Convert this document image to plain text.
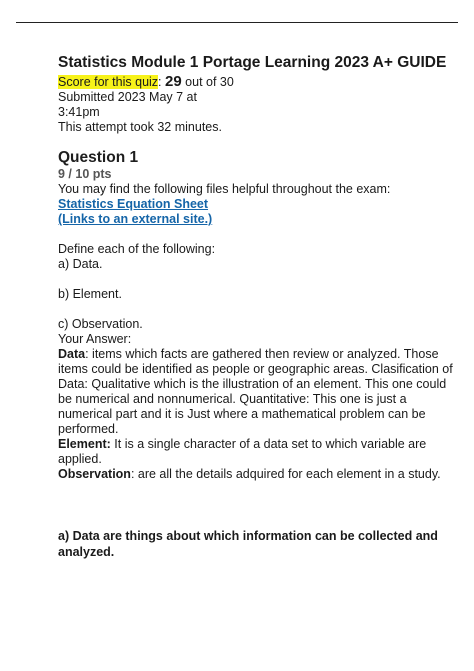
Statistics Module 1 Portage Learning 2023 A+ GUIDE
Score for this quiz: 29 out of 30
Submitted 2023 May 7 at
3:41pm
This attempt took 32 minutes.
Question 1
9 / 10 pts
You may find the following files helpful throughout the exam:
Statistics Equation Sheet
(Links to an external site.)
Define each of the following:
a) Data.
b) Element.
c) Observation.
Your Answer:
Data: items which facts are gathered then review or analyzed. Those items could be identified as people or geographic areas. Clasification of Data: Qualitative which is the illustration of an element. This one could be numerical and nonnumerical. Quantitative: This one is just a numerical part and it is Just where a mathematical problem can be performed.
Element: It is a single character of a data set to which variable are applied.
Observation: are all the details adquired for each element in a study.
a) Data are things about which information can be collected and analyzed.
